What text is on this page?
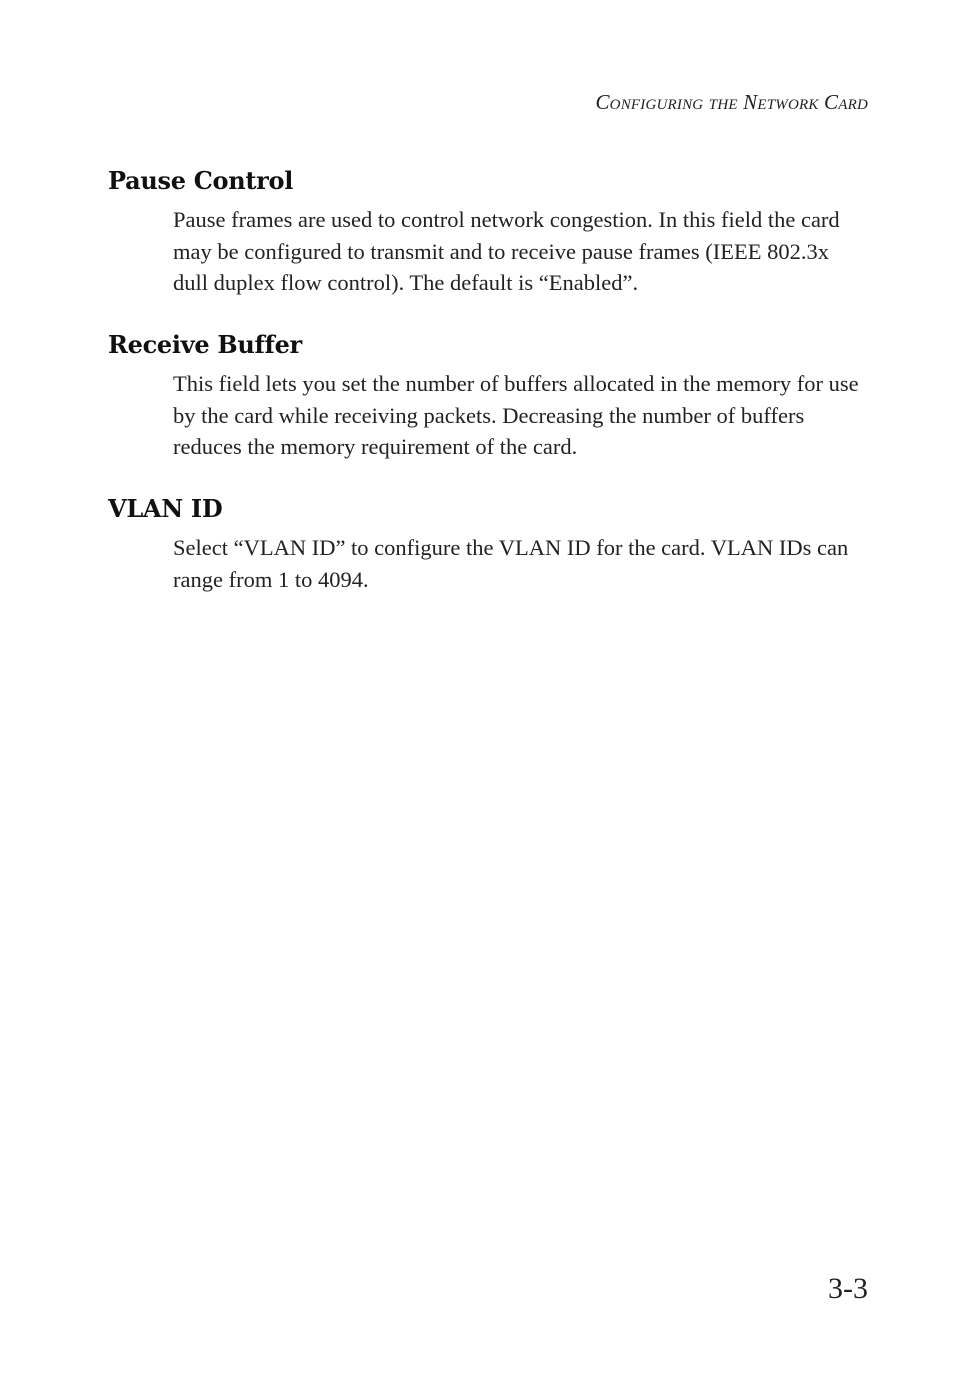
Configuring the Network Card
Pause Control

Pause frames are used to control network congestion. In this field the card may be configured to transmit and to receive pause frames (IEEE 802.3x dull duplex flow control). The default is “Enabled”.

Receive Buffer

This field lets you set the number of buffers allocated in the memory for use by the card while receiving packets. Decreasing the number of buffers reduces the memory requirement of the card.

VLAN ID

Select “VLAN ID” to configure the VLAN ID for the card. VLAN IDs can range from 1 to 4094.

3-3
